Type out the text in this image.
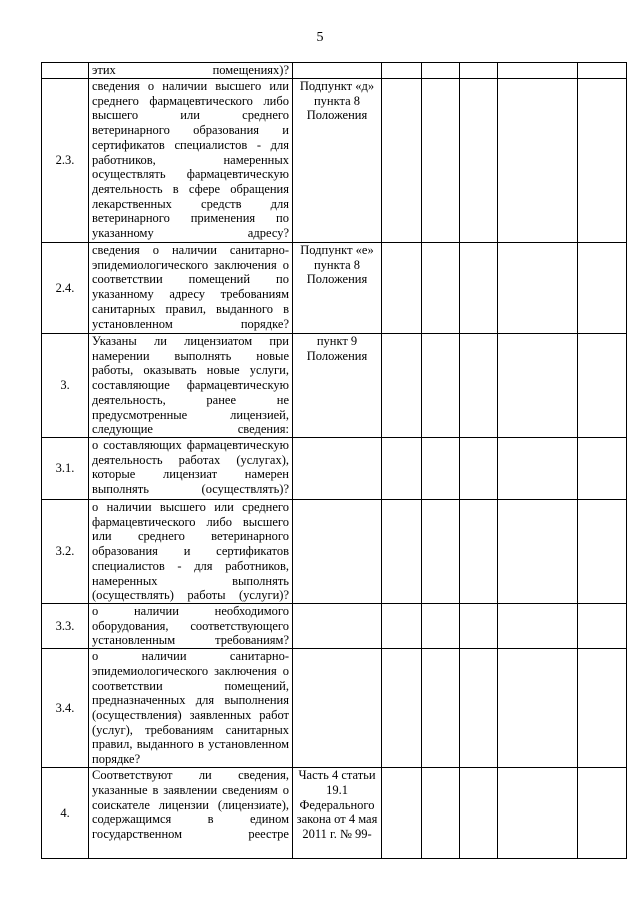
5
	этих помещениях)?						
2.3.	сведения о наличии высшего или среднего фармацевтического либо высшего или среднего ветеринарного образования и сертификатов специалистов - для работников, намеренных осуществлять фармацевтическую деятельность в сфере обращения лекарственных средств для ветеринарного применения по указанному адресу?	Подпункт «д» пункта 8 Положения					
2.4.	сведения о наличии санитарно-эпидемиологического заключения о соответствии помещений по указанному адресу требованиям санитарных правил, выданного в установленном порядке?	Подпункт «е» пункта 8 Положения					
3.	Указаны ли лицензиатом при намерении выполнять новые работы, оказывать новые услуги, составляющие фармацевтическую деятельность, ранее не предусмотренные лицензией, следующие сведения:	пункт 9 Положения					
3.1.	о составляющих фармацевтическую деятельность работах (услугах), которые лицензиат намерен выполнять (осуществлять)?						
3.2.	о наличии высшего или среднего фармацевтического либо высшего или среднего ветеринарного образования и сертификатов специалистов - для работников, намеренных выполнять (осуществлять) работы (услуги)?						
3.3.	о наличии необходимого оборудования, соответствующего установленным требованиям?						
3.4.	о наличии санитарно-эпидемиологического заключения о соответствии помещений, предназначенных для выполнения (осуществления) заявленных работ (услуг), требованиям санитарных правил, выданного в установленном порядке?						
4.	Соответствуют ли сведения, указанные в заявлении сведениям о соискателе лицензии (лицензиате), содержащимся в едином государственном реестре	Часть 4 статьи 19.1 Федерального закона от 4 мая 2011 г. № 99-					
